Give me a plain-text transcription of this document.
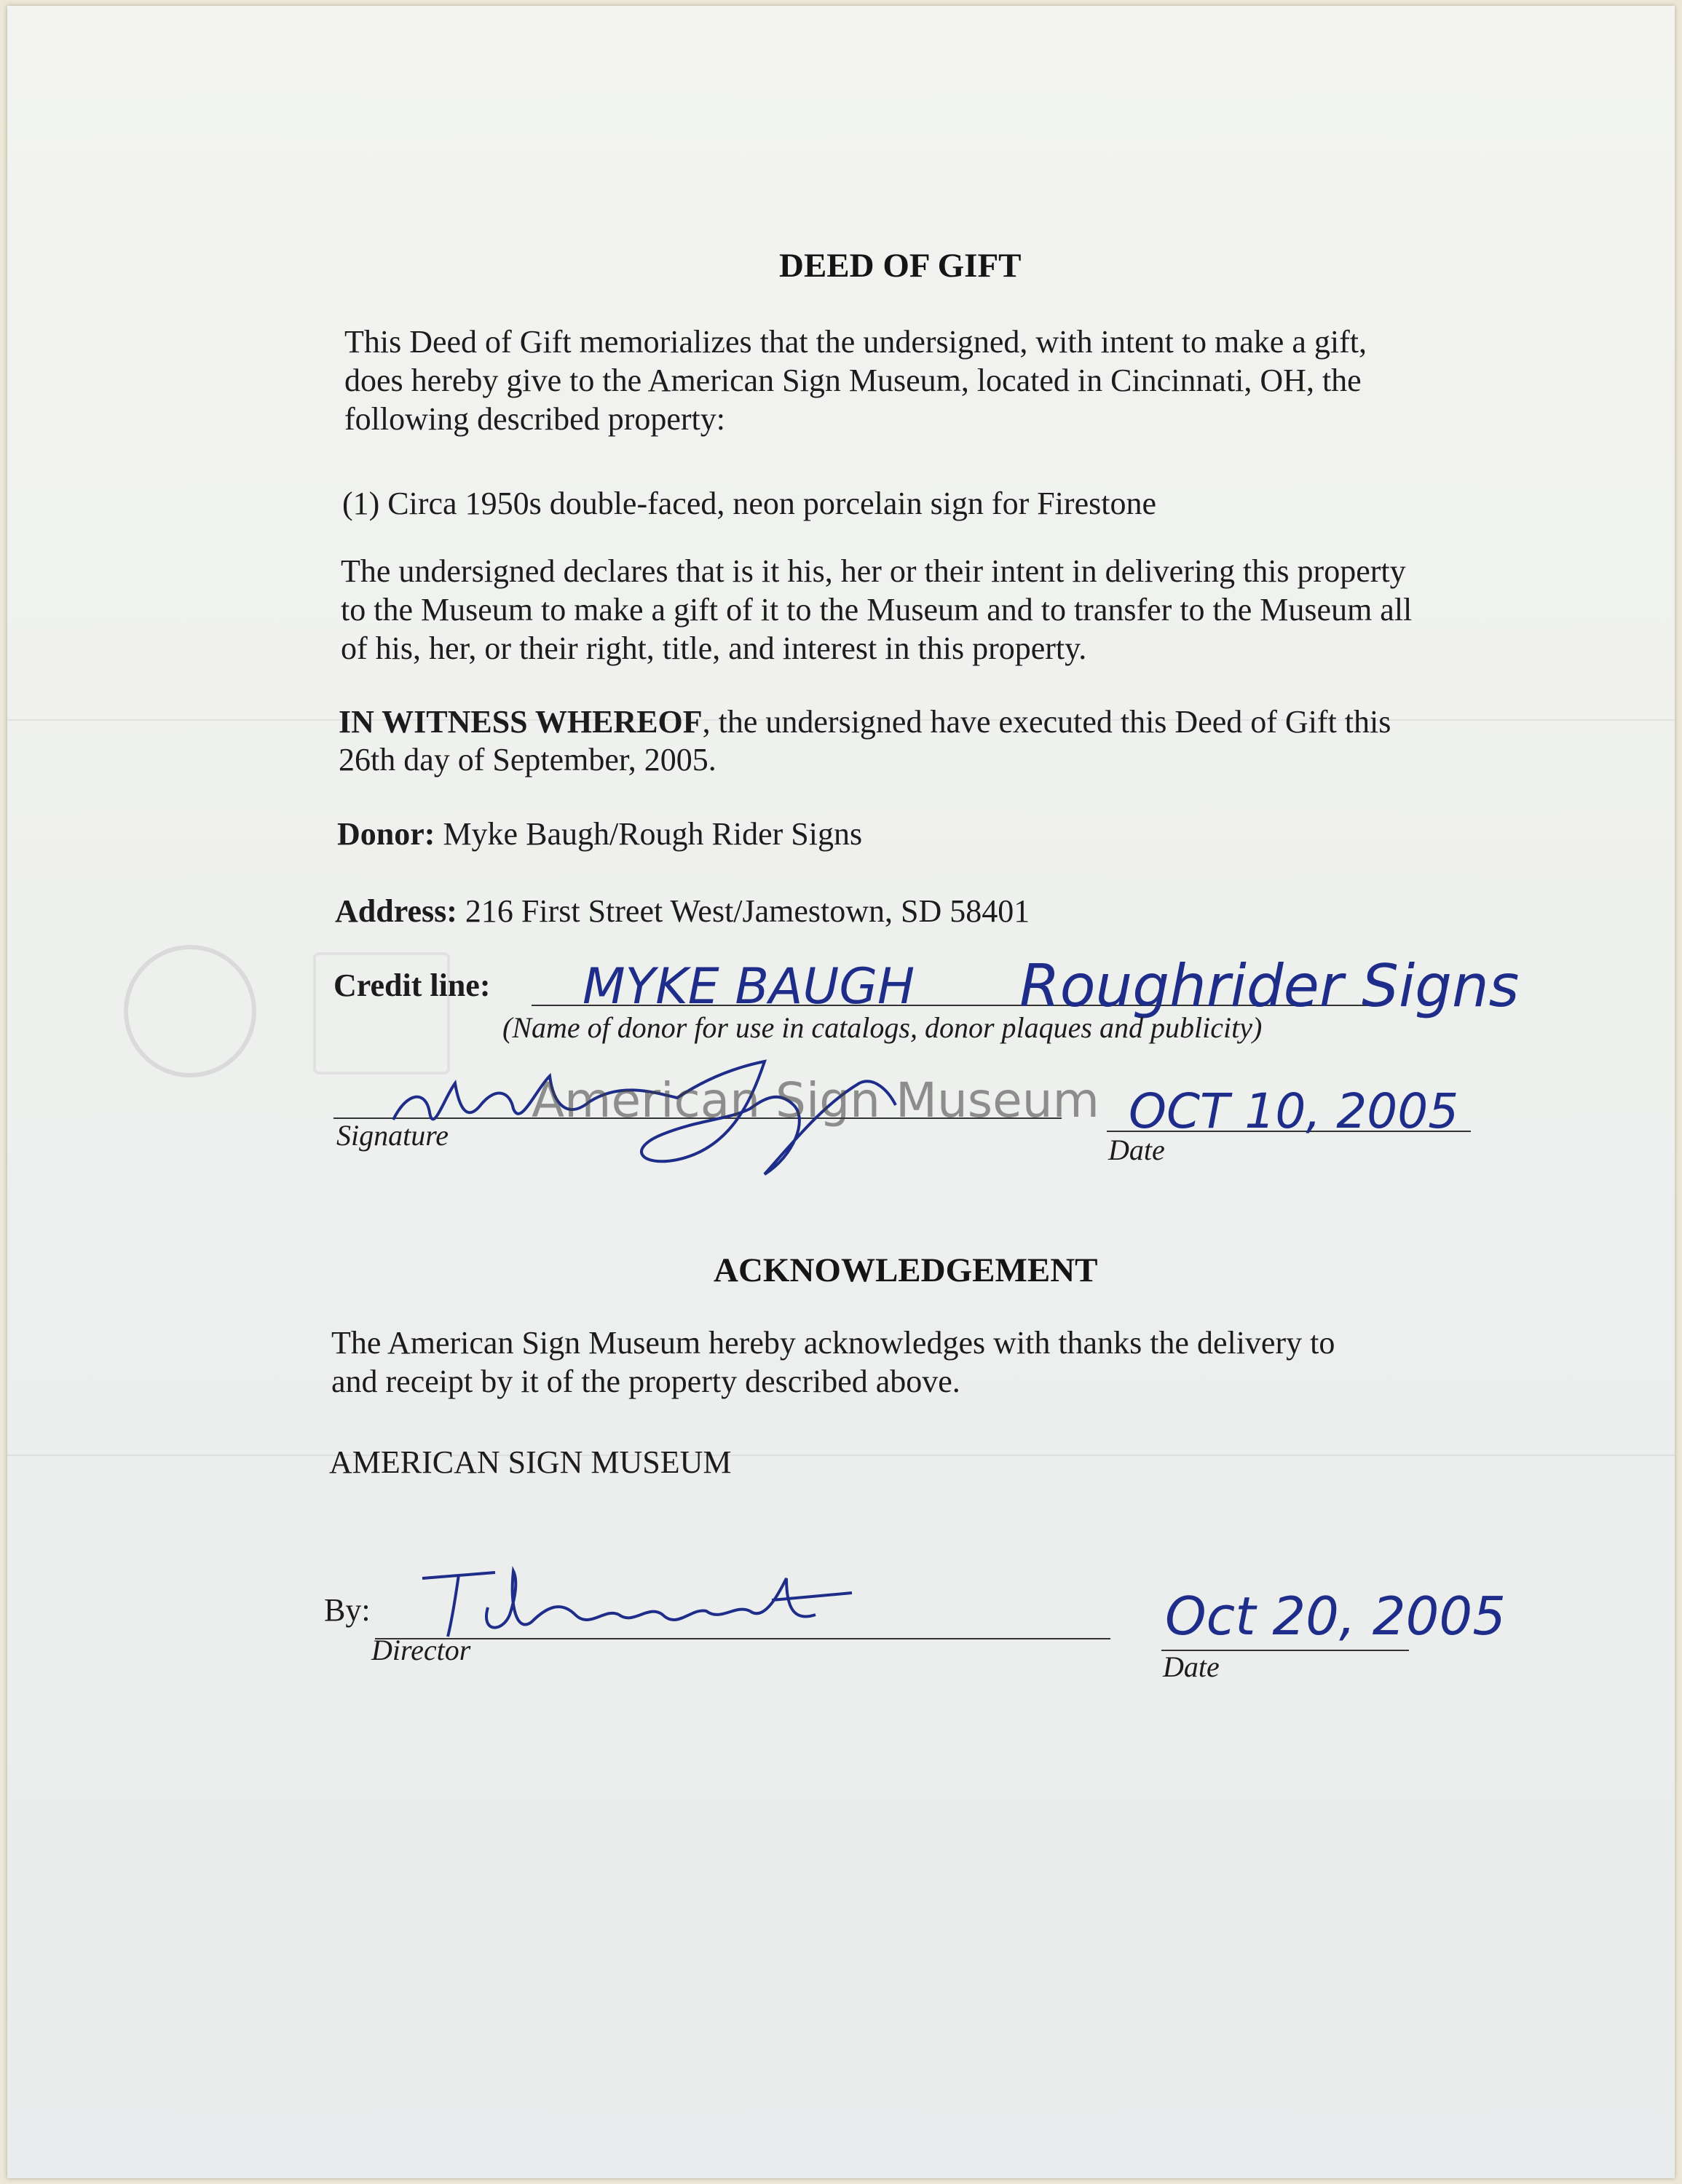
DEED OF GIFT
This Deed of Gift memorializes that the undersigned, with intent to make a gift, does hereby give to the American Sign Museum, located in Cincinnati, OH, the following described property:
(1) Circa 1950s double-faced, neon porcelain sign for Firestone
The undersigned declares that is it his, her or their intent in delivering this property to the Museum to make a gift of it to the Museum and to transfer to the Museum all of his, her, or their right, title, and interest in this property.
IN WITNESS WHEREOF, the undersigned have executed this Deed of Gift this
26th day of September, 2005.
Donor: Myke Baugh/Rough Rider Signs
Address: 216 First Street West/Jamestown, SD 58401
Credit line: MYKE BAUGH Roughrider Signs
(Name of donor for use in catalogs, donor plaques and publicity)
American Sign Museum
Signature	OCT 10, 2005
Date
ACKNOWLEDGEMENT
The American Sign Museum hereby acknowledges with thanks the delivery to and receipt by it of the property described above.
AMERICAN SIGN MUSEUM
By:
Director
Oct 20, 2005
Date
